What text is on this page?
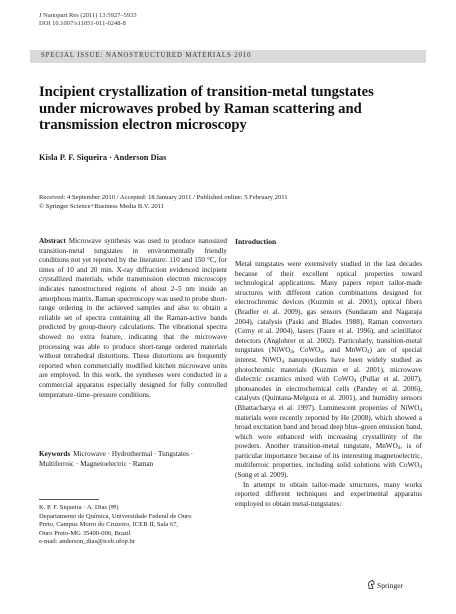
J Nanopart Res (2011) 13:5927–5933
DOI 10.1007/s11051-011-0248-8
SPECIAL ISSUE: NANOSTRUCTURED MATERIALS 2010
Incipient crystallization of transition-metal tungstates under microwaves probed by Raman scattering and transmission electron microscopy
Kisla P. F. Siqueira · Anderson Dias
Received: 4 September 2010 / Accepted: 18 January 2011 / Published online: 5 February 2011
© Springer Science+Business Media B.V. 2011
Abstract Microwave synthesis was used to produce nanosized transition-metal tungstates in environmentally friendly conditions not yet reported by the literature: 110 and 150 °C, for times of 10 and 20 min. X-ray diffraction evidenced incipient crystallized materials, while transmission electron microscopy indicates nanostructured regions of about 2–5 nm inside an amorphous matrix. Raman spectroscopy was used to probe short-range ordering in the achieved samples and also to obtain a reliable set of spectra containing all the Raman-active bands predicted by group-theory calculations. The vibrational spectra showed no extra feature, indicating that the microwave processing was able to produce short-range ordered materials without tetrahedral distortions. These distortions are frequently reported when commercially modified kitchen microwave units are employed. In this work, the syntheses were conducted in a commercial apparatus especially designed for fully controlled temperature–time–pressure conditions.
Keywords Microwave · Hydrothermal · Tungstates · Multiferroic · Magnetoelectric · Raman
K. P. F. Siqueira · A. Dias (✉)
Departamento de Química, Universidade Federal de Ouro
Preto, Campus Morro do Cruzeiro, ICEB II, Sala 67,
Ouro Preto-MG 35400-000, Brazil
e-mail: anderson_dias@iceb.ufop.br
Introduction

Metal tungstates were extensively studied in the last decades because of their excellent optical properties toward technological applications. Many papers report tailor-made structures with different cation combinations designed for electrochromic devices (Kuzmin et al. 2001), optical fibers (Bradler et al. 2009), gas sensors (Sundaram and Nagaraja 2004), catalysis (Paski and Blades 1988), Raman converters (Cerny et al. 2004), lasers (Faure et al. 1996), and scintillator detectors (Anglohrer et al. 2002). Particularly, transition-metal tungstates (NiWO$_4$, CoWO$_4$, and MnWO$_4$) are of special interest. NiWO$_4$ nanopowders have been widely studied as photochromic materials (Kuzmin et al. 2001), microwave dielectric ceramics mixed with CoWO$_4$ (Pullar et al. 2007), photoanodes in electrochemical cells (Pandey et al. 2006), catalysts (Quintana-Melgoza et al. 2001), and humidity sensors (Bhattacharya et al. 1997). Luminescent properties of NiWO$_4$ materials were recently reported by He (2008), which showed a broad excitation band and broad deep blue–green emission band, which were enhanced with increasing crystallinity of the powders. Another transition-metal tungstate, MnWO$_4$, is of particular importance because of its interesting magnetoelectric, multiferroic properties, including solid solutions with CoWO$_4$ (Song et al. 2009).

In attempt to obtain tailor-made structures, many works reported different techniques and experimental apparatus employed to obtain metal-tungstates:

Springer
